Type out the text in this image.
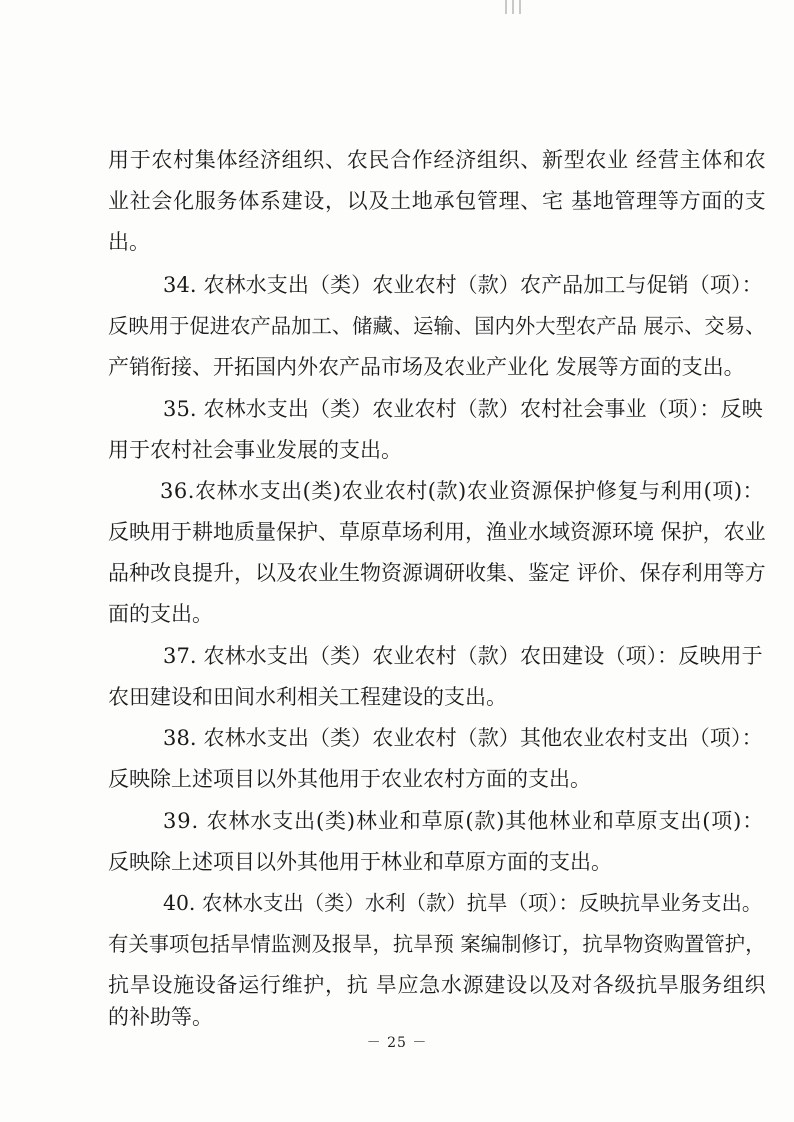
用于农村集体经济组织、农民合作经济组织、新型农业 经营主体和农
业社会化服务体系建设，以及土地承包管理、宅 基地管理等方面的支
出。
34. 农林水支出（类）农业农村（款）农产品加工与促销（项）：
反映用于促进农产品加工、储藏、运输、国内外大型农产品 展示、交易、
产销衔接、开拓国内外农产品市场及农业产业化 发展等方面的支出。
35. 农林水支出（类）农业农村（款）农村社会事业（项）：反映
用于农村社会事业发展的支出。
36.农林水支出(类)农业农村(款)农业资源保护修复与利用(项)：
反映用于耕地质量保护、草原草场利用，渔业水域资源环境 保护，农业
品种改良提升，以及农业生物资源调研收集、鉴定 评价、保存利用等方
面的支出。
37. 农林水支出（类）农业农村（款）农田建设（项）：反映用于
农田建设和田间水利相关工程建设的支出。
38. 农林水支出（类）农业农村（款）其他农业农村支出（项）：
反映除上述项目以外其他用于农业农村方面的支出。
39. 农林水支出(类)林业和草原(款)其他林业和草原支出(项)：
反映除上述项目以外其他用于林业和草原方面的支出。
40. 农林水支出（类）水利（款）抗旱（项）：反映抗旱业务支出。
有关事项包括旱情监测及报旱，抗旱预 案编制修订，抗旱物资购置管护，
抗旱设施设备运行维护，抗 旱应急水源建设以及对各级抗旱服务组织
的补助等。
－ 25 －
